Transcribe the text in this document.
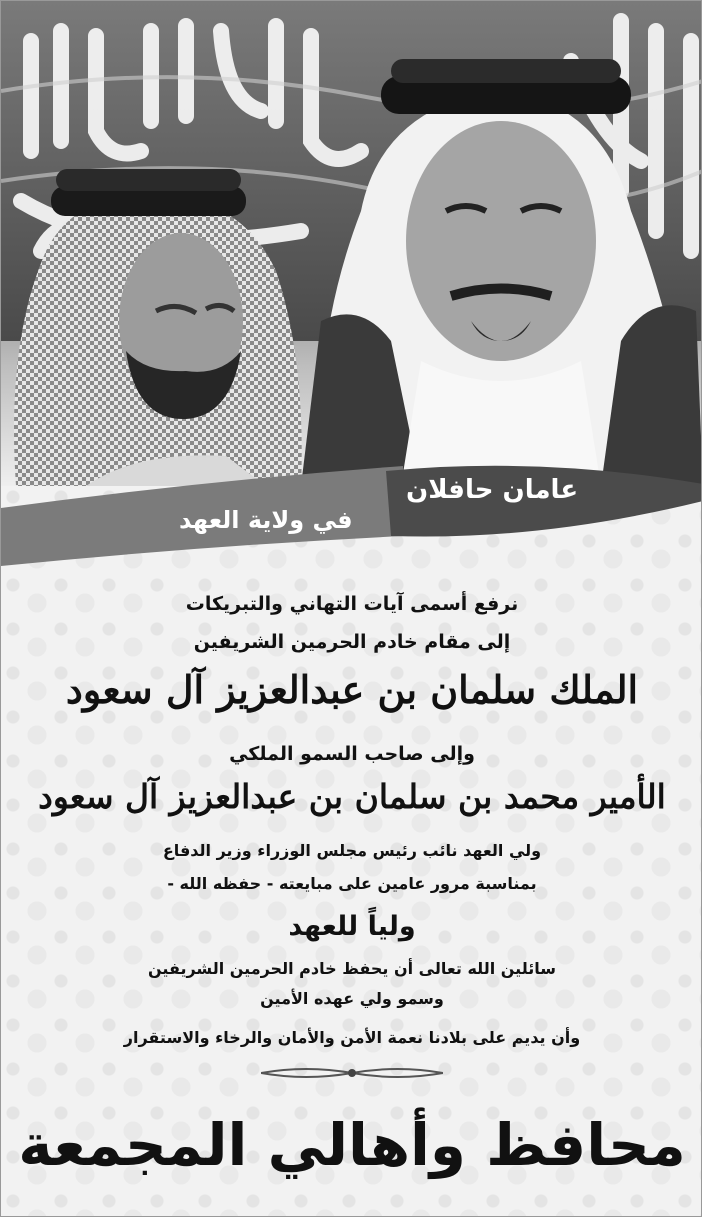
عامان حافلان
في ولاية العهد
نرفع أسمى آيات التهاني والتبريكات
إلى مقام خادم الحرمين الشريفين
الملك سلمان بن عبدالعزيز آل سعود
وإلى صاحب السمو الملكي
الأمير محمد بن سلمان بن عبدالعزيز آل سعود
ولي العهد نائب رئيس مجلس الوزراء وزير الدفاع
بمناسبة مرور عامين على مبايعته - حفظه الله -
ولياً للعهد
سائلين الله تعالى أن يحفظ خادم الحرمين الشريفين
وسمو ولي عهده الأمين
وأن يديم على بلادنا نعمة الأمن والأمان والرخاء والاستقرار
محافظ وأهالي المجمعة
